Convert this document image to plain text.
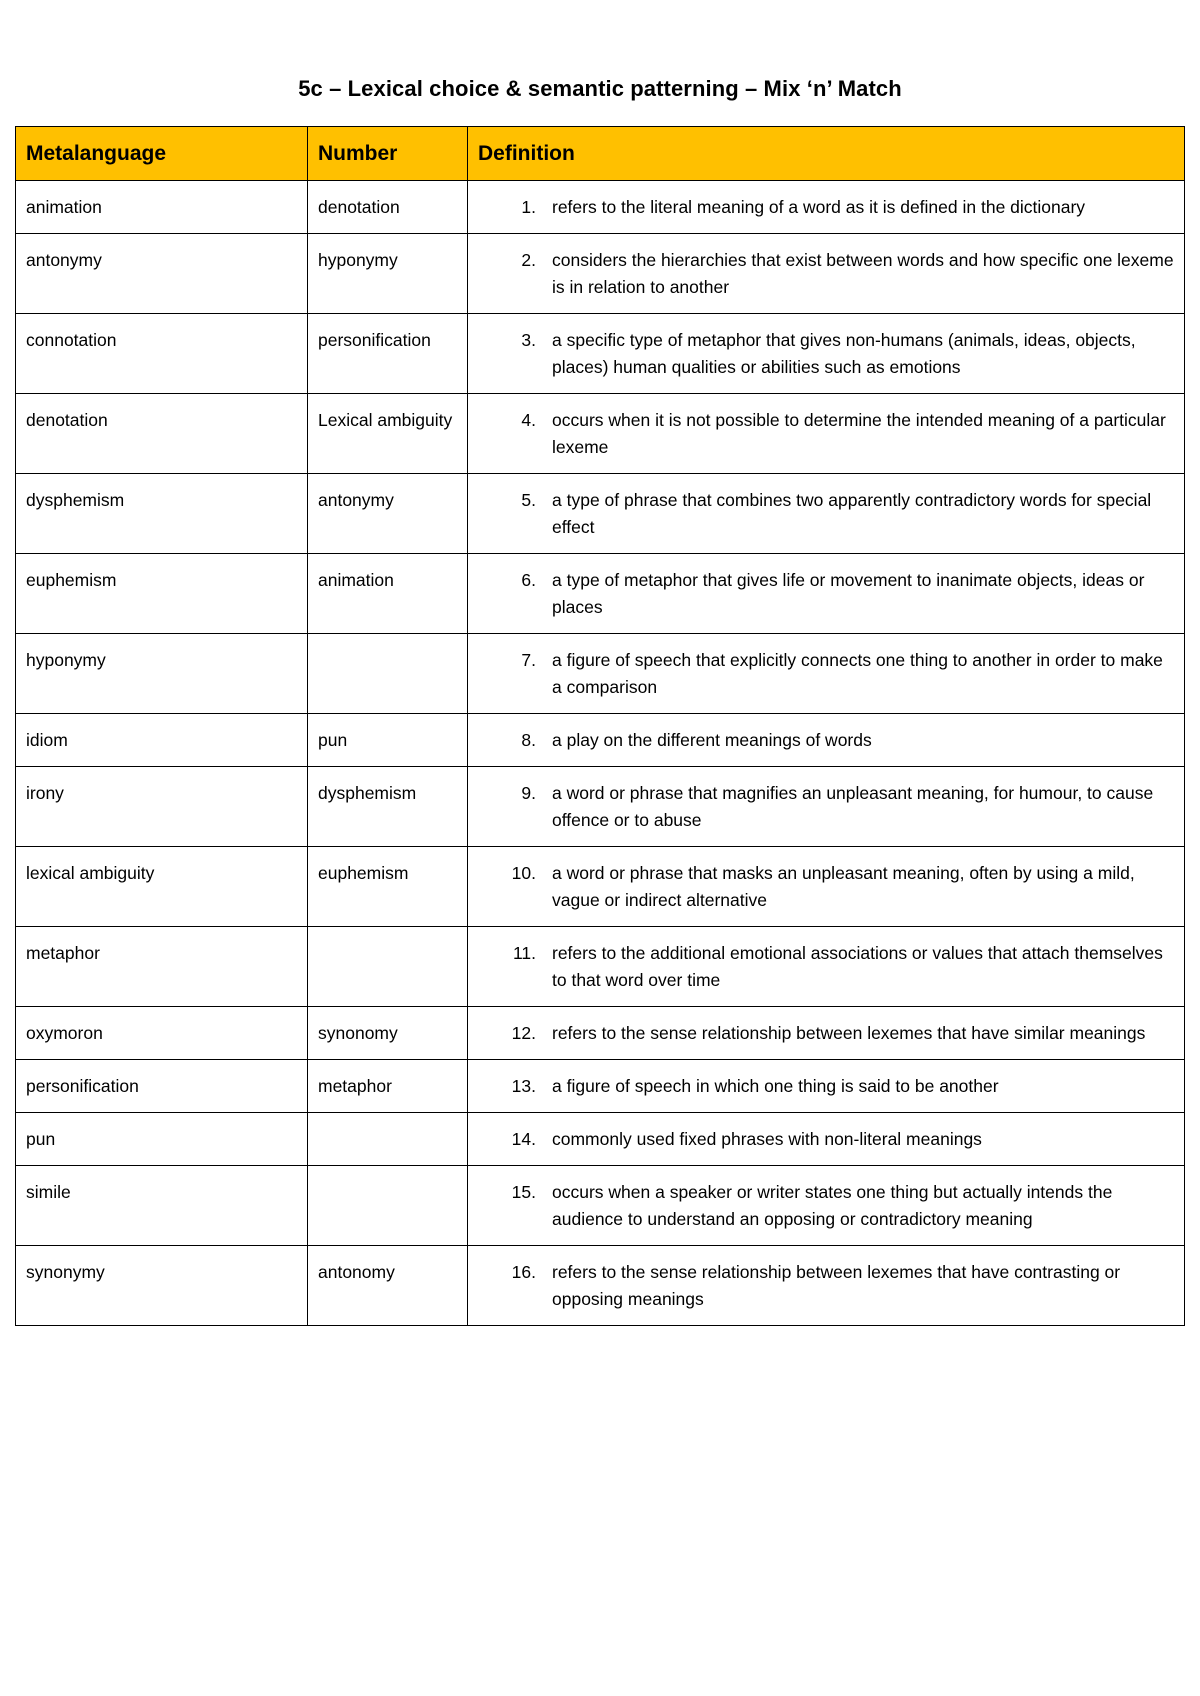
5c – Lexical choice & semantic patterning – Mix ‘n’ Match
Metalanguage	Number	Definition
animation	denotation	1. refers to the literal meaning of a word as it is defined in the dictionary

antonymy	hyponymy	2. considers the hierarchies that exist between words and how specific one lexeme is in relation to another

connotation	personification	3. a specific type of metaphor that gives non-humans (animals, ideas, objects, places) human qualities or abilities such as emotions

denotation	Lexical ambiguity	4. occurs when it is not possible to determine the intended meaning of a particular lexeme

dysphemism	antonymy	5. a type of phrase that combines two apparently contradictory words for special effect

euphemism	animation	6. a type of metaphor that gives life or movement to inanimate objects, ideas or places

hyponymy		7. a figure of speech that explicitly connects one thing to another in order to make a comparison

idiom	pun	8. a play on the different meanings of words

irony	dysphemism	9. a word or phrase that magnifies an unpleasant meaning, for humour, to cause offence or to abuse

lexical ambiguity	euphemism	10. a word or phrase that masks an unpleasant meaning, often by using a mild, vague or indirect alternative

metaphor		11. refers to the additional emotional associations or values that attach themselves to that word over time

oxymoron	synonomy	12. refers to the sense relationship between lexemes that have similar meanings

personification	metaphor	13. a figure of speech in which one thing is said to be another

pun		14. commonly used fixed phrases with non-literal meanings

simile		15. occurs when a speaker or writer states one thing but actually intends the audience to understand an opposing or contradictory meaning

synonymy	antonomy	16. refers to the sense relationship between lexemes that have contrasting or opposing meanings
